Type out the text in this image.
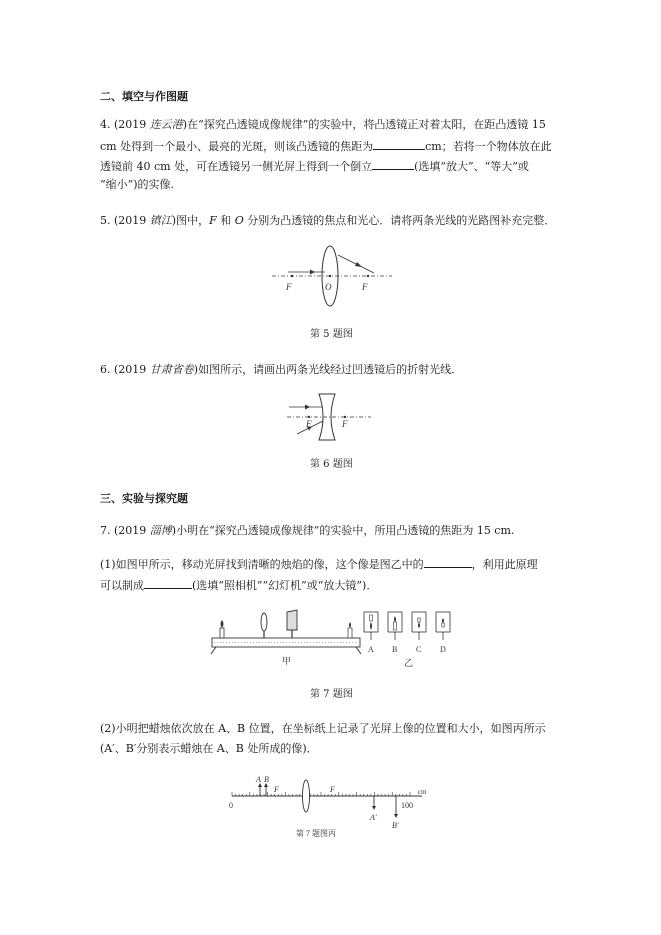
二、填空与作图题
4. (2019 连云港)在“探究凸透镜成像规律”的实验中，将凸透镜正对着太阳，在距凸透镜 15
cm 处得到一个最小、最亮的光斑，则该凸透镜的焦距为	cm；若将一个物体放在此
透镜前 40 cm 处，可在透镜另一侧光屏上得到一个倒立	(选填“放大”、“等大”或
“缩小”)的实像.
5. (2019 镇江)图中，F 和 O 分别为凸透镜的焦点和光心．请将两条光线的光路图补充完整．
F	O	F
第 5 题图
6. (2019 甘肃省卷)如图所示，请画出两条光线经过凹透镜后的折射光线．
F	F
第 6 题图
三、实验与探究题
7. (2019 淄博)小明在“探究凸透镜成像规律”的实验中，所用凸透镜的焦距为 15 cm.
(1)如图甲所示，移动光屏找到清晰的烛焰的像，这个像是图乙中的	，利用此原理
可以制成	(选填“照相机”“幻灯机”或“放大镜”)．
甲
A B C D
乙
第 7 题图
(2)小明把蜡烛依次放在 A、B 位置，在坐标纸上记录了光屏上像的位置和大小，如图丙所示
(A′、B′分别表示蜡烛在 A、B 处所成的像)．
0	100
cm
A B
F	F
A′
B′
第 7 题图丙
